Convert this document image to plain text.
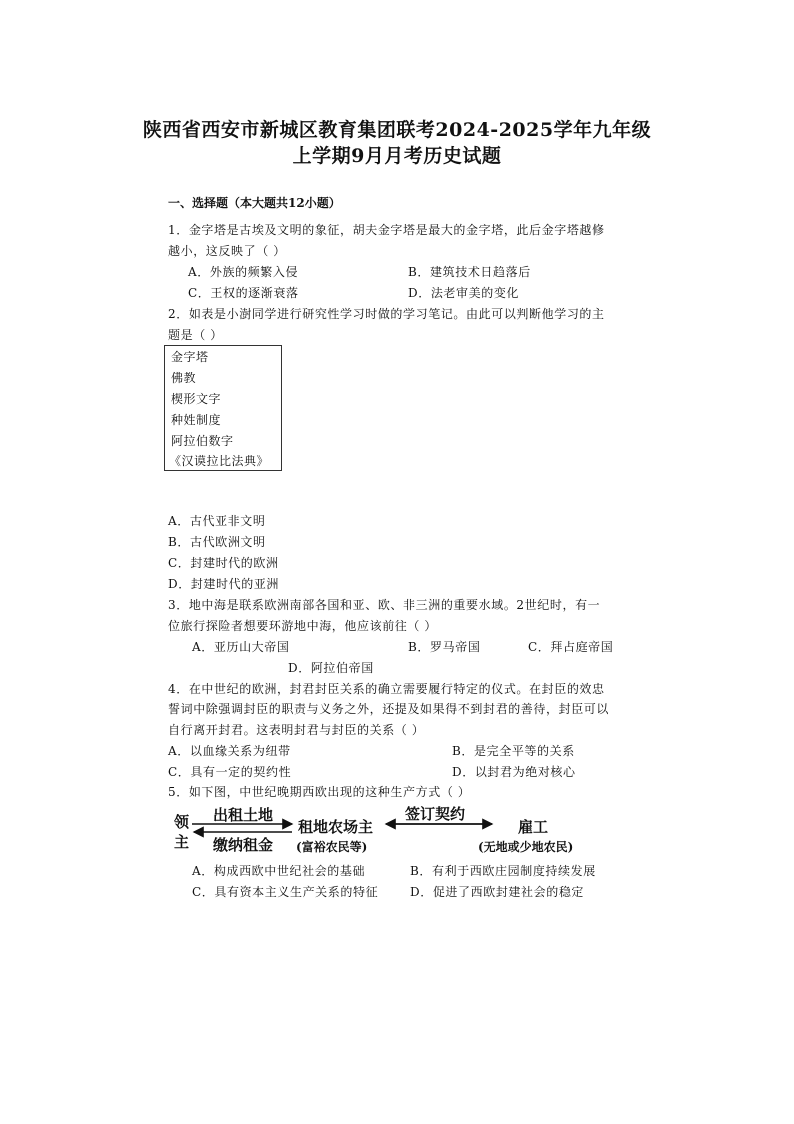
陕西省西安市新城区教育集团联考2024-2025学年九年级
上学期9月月考历史试题
一、选择题（本大题共12小题）
1．金字塔是古埃及文明的象征，胡夫金字塔是最大的金字塔，此后金字塔越修
越小，这反映了（ ）
A．外族的频繁入侵	B．建筑技术日趋落后
C．王权的逐渐衰落	D．法老审美的变化
2．如表是小澍同学进行研究性学习时做的学习笔记。由此可以判断他学习的主
题是（ ）
金字塔
佛教
楔形文字
种姓制度
阿拉伯数字
《汉谟拉比法典》
A．古代亚非文明
B．古代欧洲文明
C．封建时代的欧洲
D．封建时代的亚洲
3．地中海是联系欧洲南部各国和亚、欧、非三洲的重要水域。2世纪时，有一
位旅行探险者想要环游地中海，他应该前往（ ）
A．亚历山大帝国	B．罗马帝国	C．拜占庭帝国
D．阿拉伯帝国
4．在中世纪的欧洲，封君封臣关系的确立需要履行特定的仪式。在封臣的效忠
誓词中除强调封臣的职责与义务之外，还提及如果得不到封君的善待，封臣可以
自行离开封君。这表明封君与封臣的关系（ ）
A．以血缘关系为纽带	B．是完全平等的关系
C．具有一定的契约性	D．以封君为绝对核心
5．如下图，中世纪晚期西欧出现的这种生产方式（ ）
领
主
出租土地
缴纳租金
租地农场主
(富裕农民等)
签订契约
雇工
(无地或少地农民)
A．构成西欧中世纪社会的基础	B．有利于西欧庄园制度持续发展
C．具有资本主义生产关系的特征	D．促进了西欧封建社会的稳定
